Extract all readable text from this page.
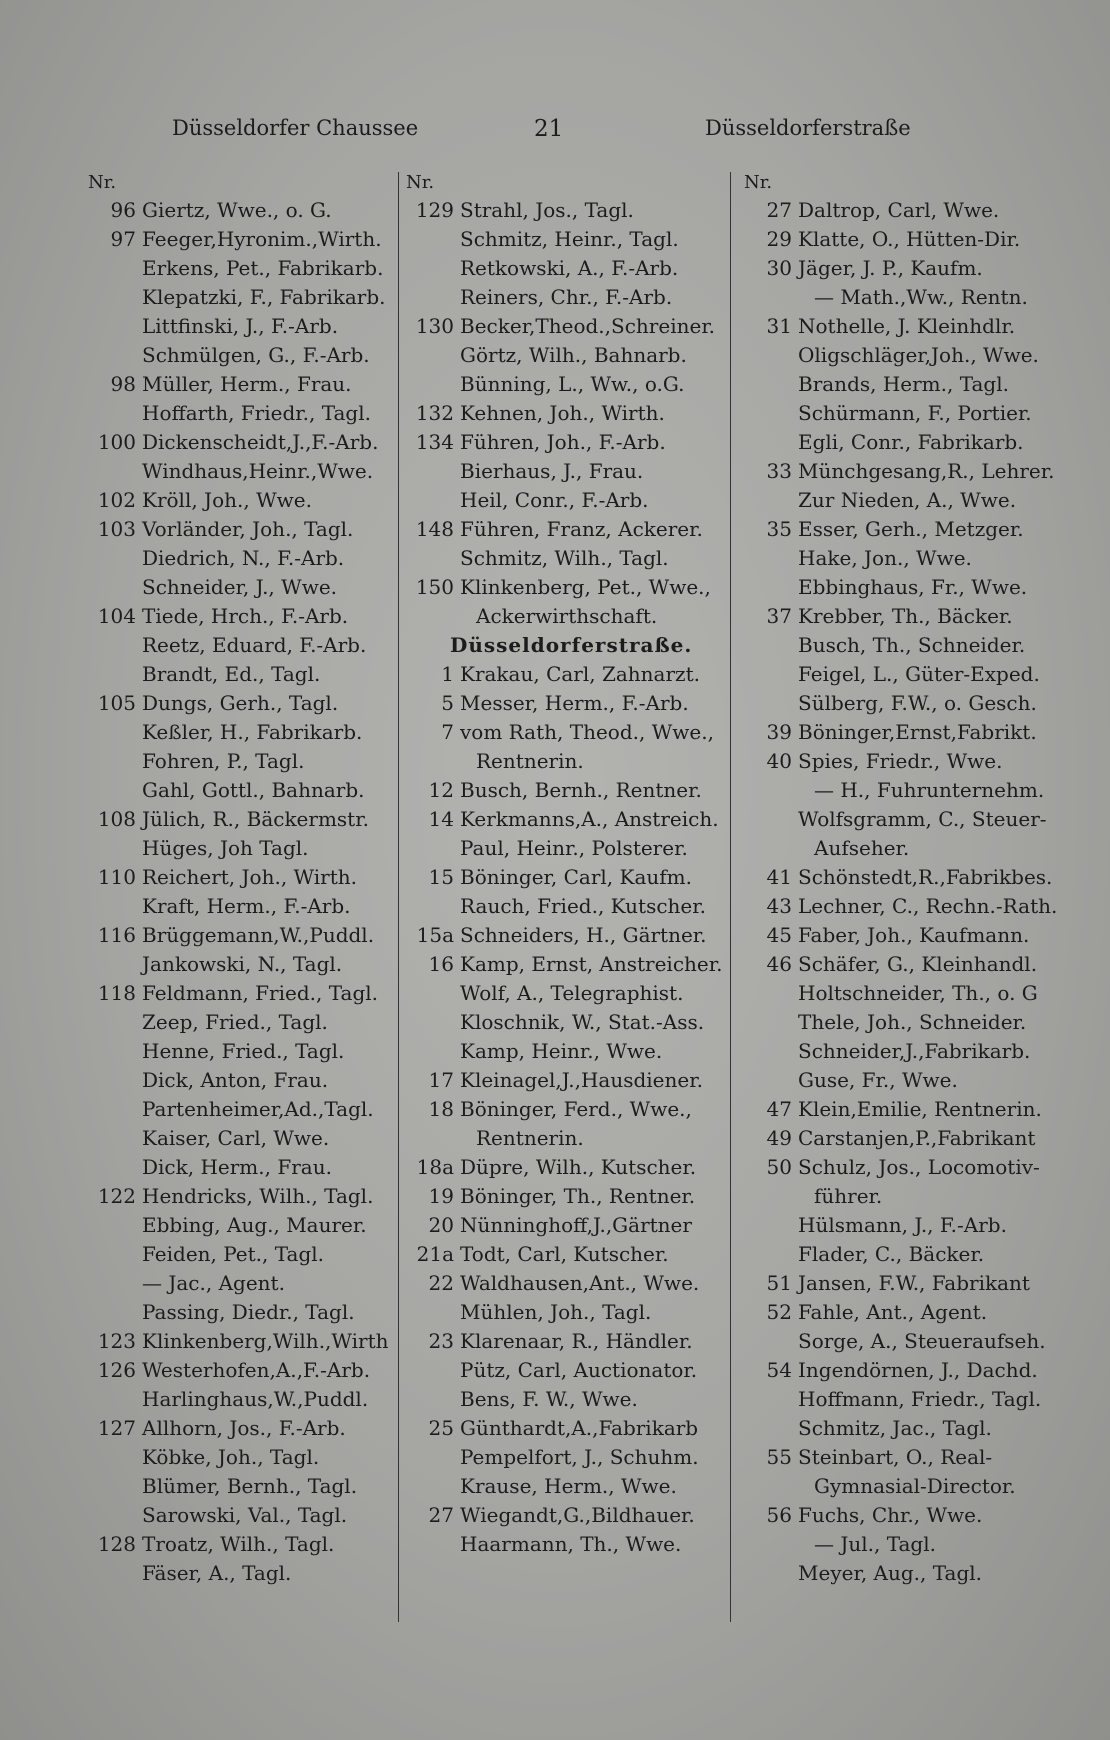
Düsseldorfer Chaussee	21	Düsseldorferstraße
Nr.
96 Giertz, Wwe., o. G.
97 Feeger,Hyronim.,Wirth.
Erkens, Pet., Fabrikarb.
Klepatzki, F., Fabrikarb.
Littfinski, J., F.-Arb.
Schmülgen, G., F.-Arb.
98 Müller, Herm., Frau.
Hoffarth, Friedr., Tagl.
100 Dickenscheidt,J.,F.-Arb.
Windhaus,Heinr.,Wwe.
102 Kröll, Joh., Wwe.
103 Vorländer, Joh., Tagl.
Diedrich, N., F.-Arb.
Schneider, J., Wwe.
104 Tiede, Hrch., F.-Arb.
Reetz, Eduard, F.-Arb.
Brandt, Ed., Tagl.
105 Dungs, Gerh., Tagl.
Keßler, H., Fabrikarb.
Fohren, P., Tagl.
Gahl, Gottl., Bahnarb.
108 Jülich, R., Bäckermstr.
Hüges, Joh Tagl.
110 Reichert, Joh., Wirth.
Kraft, Herm., F.-Arb.
116 Brüggemann,W.,Puddl.
Jankowski, N., Tagl.
118 Feldmann, Fried., Tagl.
Zeep, Fried., Tagl.
Henne, Fried., Tagl.
Dick, Anton, Frau.
Partenheimer,Ad.,Tagl.
Kaiser, Carl, Wwe.
Dick, Herm., Frau.
122 Hendricks, Wilh., Tagl.
Ebbing, Aug., Maurer.
Feiden, Pet., Tagl.
— Jac., Agent.
Passing, Diedr., Tagl.
123 Klinkenberg,Wilh.,Wirth
126 Westerhofen,A.,F.-Arb.
Harlinghaus,W.,Puddl.
127 Allhorn, Jos., F.-Arb.
Köbke, Joh., Tagl.
Blümer, Bernh., Tagl.
Sarowski, Val., Tagl.
128 Troatz, Wilh., Tagl.
Fäser, A., Tagl.
Nr.
129 Strahl, Jos., Tagl.
Schmitz, Heinr., Tagl.
Retkowski, A., F.-Arb.
Reiners, Chr., F.-Arb.
130 Becker,Theod.,Schreiner.
Görtz, Wilh., Bahnarb.
Bünning, L., Ww., o.G.
132 Kehnen, Joh., Wirth.
134 Führen, Joh., F.-Arb.
Bierhaus, J., Frau.
Heil, Conr., F.-Arb.
148 Führen, Franz, Ackerer.
Schmitz, Wilh., Tagl.
150 Klinkenberg, Pet., Wwe.,
Ackerwirthschaft.
Düsseldorferstraße.
1 Krakau, Carl, Zahnarzt.
5 Messer, Herm., F.-Arb.
7 vom Rath, Theod., Wwe.,
Rentnerin.
12 Busch, Bernh., Rentner.
14 Kerkmanns,A., Anstreich.
Paul, Heinr., Polsterer.
15 Böninger, Carl, Kaufm.
Rauch, Fried., Kutscher.
15a Schneiders, H., Gärtner.
16 Kamp, Ernst, Anstreicher.
Wolf, A., Telegraphist.
Kloschnik, W., Stat.-Ass.
Kamp, Heinr., Wwe.
17 Kleinagel,J.,Hausdiener.
18 Böninger, Ferd., Wwe.,
Rentnerin.
18a Düpre, Wilh., Kutscher.
19 Böninger, Th., Rentner.
20 Nünninghoff,J.,Gärtner
21a Todt, Carl, Kutscher.
22 Waldhausen,Ant., Wwe.
Mühlen, Joh., Tagl.
23 Klarenaar, R., Händler.
Pütz, Carl, Auctionator.
Bens, F. W., Wwe.
25 Günthardt,A.,Fabrikarb
Pempelfort, J., Schuhm.
Krause, Herm., Wwe.
27 Wiegandt,G.,Bildhauer.
Haarmann, Th., Wwe.
Nr.
27 Daltrop, Carl, Wwe.
29 Klatte, O., Hütten-Dir.
30 Jäger, J. P., Kaufm.
— Math.,Ww., Rentn.
31 Nothelle, J. Kleinhdlr.
Oligschläger,Joh., Wwe.
Brands, Herm., Tagl.
Schürmann, F., Portier.
Egli, Conr., Fabrikarb.
33 Münchgesang,R., Lehrer.
Zur Nieden, A., Wwe.
35 Esser, Gerh., Metzger.
Hake, Jon., Wwe.
Ebbinghaus, Fr., Wwe.
37 Krebber, Th., Bäcker.
Busch, Th., Schneider.
Feigel, L., Güter-Exped.
Sülberg, F.W., o. Gesch.
39 Böninger,Ernst,Fabrikt.
40 Spies, Friedr., Wwe.
— H., Fuhrunternehm.
Wolfsgramm, C., Steuer-
Aufseher.
41 Schönstedt,R.,Fabrikbes.
43 Lechner, C., Rechn.-Rath.
45 Faber, Joh., Kaufmann.
46 Schäfer, G., Kleinhandl.
Holtschneider, Th., o. G
Thele, Joh., Schneider.
Schneider,J.,Fabrikarb.
Guse, Fr., Wwe.
47 Klein,Emilie, Rentnerin.
49 Carstanjen,P.,Fabrikant
50 Schulz, Jos., Locomotiv-
führer.
Hülsmann, J., F.-Arb.
Flader, C., Bäcker.
51 Jansen, F.W., Fabrikant
52 Fahle, Ant., Agent.
Sorge, A., Steueraufseh.
54 Ingendörnen, J., Dachd.
Hoffmann, Friedr., Tagl.
Schmitz, Jac., Tagl.
55 Steinbart, O., Real-
Gymnasial-Director.
56 Fuchs, Chr., Wwe.
— Jul., Tagl.
Meyer, Aug., Tagl.
